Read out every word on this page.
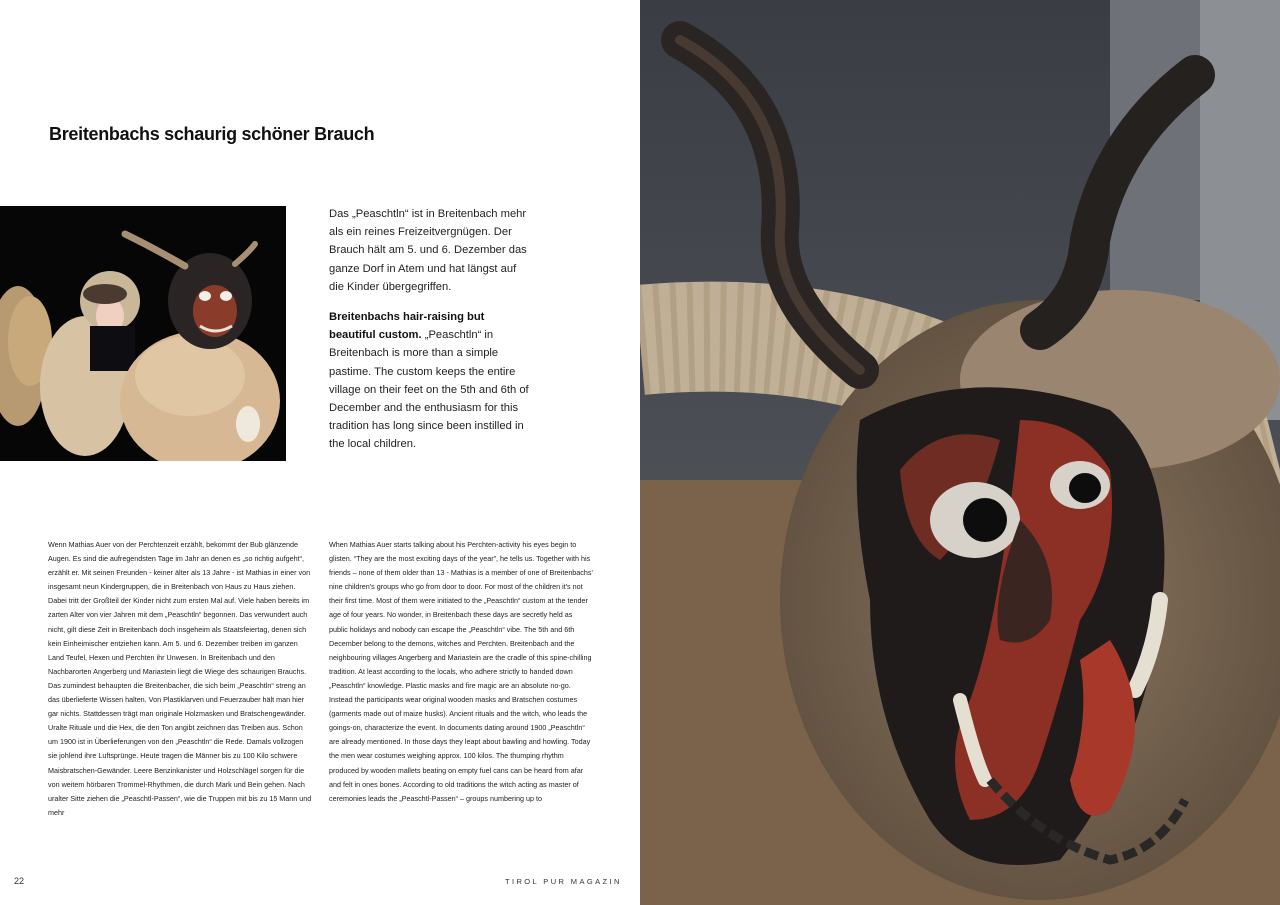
Breitenbachs schaurig schöner Brauch

Das „Peaschtln“ ist in Breitenbach mehr als ein reines Freizeitvergnügen. Der Brauch hält am 5. und 6. Dezember das ganze Dorf in Atem und hat längst auf die Kinder übergegriffen.

Breitenbachs hair-raising but beautiful custom. „Peaschtln“ in Breitenbach is more than a simple pastime. The custom keeps the entire village on their feet on the 5th and 6th of December and the enthusiasm for this tradition has long since been instilled in the local children.

Wenn Mathias Auer von der Perchtenzeit erzählt, bekommt der Bub glänzende Augen. Es sind die aufregendsten Tage im Jahr an denen es „so richtig aufgeht“, erzählt er. Mit seinen Freunden - keiner älter als 13 Jahre - ist Mathias in einer von insgesamt neun Kindergruppen, die in Breitenbach von Haus zu Haus ziehen. Dabei tritt der Großteil der Kinder nicht zum ersten Mal auf. Viele haben bereits im zarten Alter von vier Jahren mit dem „Peaschtln“ begonnen. Das verwundert auch nicht, gilt diese Zeit in Breitenbach doch insgeheim als Staatsfeiertag, denen sich kein Einheimischer entziehen kann. Am 5. und 6. Dezember treiben im ganzen Land Teufel, Hexen und Perchten ihr Unwesen. In Breitenbach und den Nachbarorten Angerberg und Mariastein liegt die Wiege des schaurigen Brauchs. Das zumindest behaupten die Breitenbacher, die sich beim „Peaschtln“ streng an das überlieferte Wissen halten. Von Plastiklarven und Feuerzauber hält man hier gar nichts. Stattdessen trägt man originale Holzmasken und Bratschengewänder. Uralte Rituale und die Hex, die den Ton angibt zeichnen das Treiben aus. Schon um 1900 ist in Überlieferungen von den „Peaschtln“ die Rede. Damals vollzogen sie johlend ihre Luftsprünge. Heute tragen die Männer bis zu 100 Kilo schwere Maisbratschen-Gewänder. Leere Benzinkanister und Holzschlägel sorgen für die von weitem hörbaren Trommel-Rhythmen, die durch Mark und Bein gehen. Nach uralter Sitte ziehen die „Peaschtl-Passen“, wie die Truppen mit bis zu 15 Mann und mehr
When Mathias Auer starts talking about his Perchten-activity his eyes begin to glisten. “They are the most exciting days of the year”, he tells us. Together with his friends – none of them older than 13 - Mathias is a member of one of Breitenbachs' nine children's groups who go from door to door. For most of the children it's not their first time. Most of them were initiated to the „Peaschtln“ custom at the tender age of four years. No wonder, in Breitenbach these days are secretly held as public holidays and nobody can escape the „Peaschtln“ vibe. The 5th and 6th December belong to the demons, witches and Perchten. Breitenbach and the neighbouring villages Angerberg and Mariastein are the cradle of this spine-chilling tradition. At least according to the locals, who adhere strictly to handed down „Peaschtln“ knowledge. Plastic masks and fire magic are an absolute no-go. Instead the participants wear original wooden masks and Bratschen costumes (garments made out of maize husks). Ancient rituals and the witch, who leads the goings-on, characterize the event. In documents dating around 1900 „Peaschtln“ are already mentioned. In those days they leapt about bawling and howling. Today the men wear costumes weighing approx. 100 kilos. The thumping rhythm produced by wooden mallets beating on empty fuel cans can be heard from afar and felt in ones bones. According to old traditions the witch acting as master of ceremonies leads the „Peaschtl-Passen“ – groups numbering up to
22	TIROL PUR MAGAZIN
